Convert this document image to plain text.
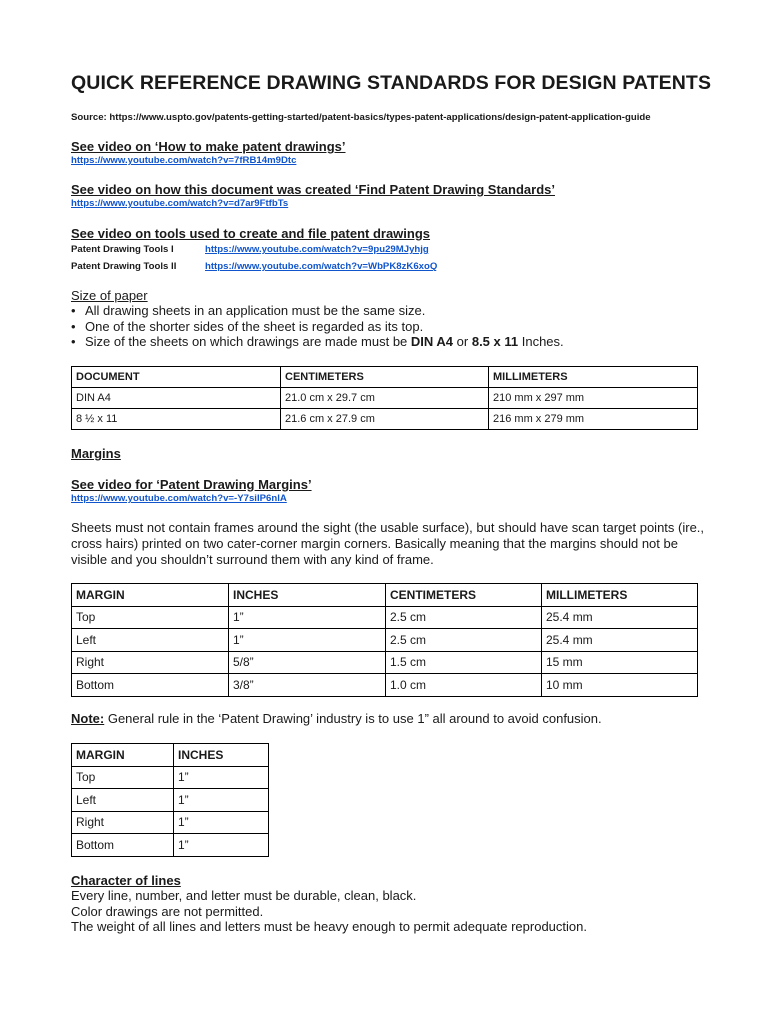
QUICK REFERENCE DRAWING STANDARDS FOR DESIGN PATENTS
Source: https://www.uspto.gov/patents-getting-started/patent-basics/types-patent-applications/design-patent-application-guide
See video on ‘How to make patent drawings’
https://www.youtube.com/watch?v=7fRB14m9Dtc
See video on how this document was created ‘Find Patent Drawing Standards’
https://www.youtube.com/watch?v=d7ar9FtfbTs
See video on tools used to create and file patent drawings
Patent Drawing Tools I	https://www.youtube.com/watch?v=9pu29MJyhjg
Patent Drawing Tools II	https://www.youtube.com/watch?v=WbPK8zK6xoQ
Size of paper
• All drawing sheets in an application must be the same size.
• One of the shorter sides of the sheet is regarded as its top.
• Size of the sheets on which drawings are made must be DIN A4 or 8.5 x 11 Inches.
DOCUMENT	CENTIMETERS	MILLIMETERS
DIN A4	21.0 cm x 29.7 cm	210 mm x 297 mm
8 ½ x 11	21.6 cm x 27.9 cm	216 mm x 279 mm
Margins
See video for ‘Patent Drawing Margins’
https://www.youtube.com/watch?v=-Y7siIP6nlA
Sheets must not contain frames around the sight (the usable surface), but should have scan target points (ire., cross hairs) printed on two cater-corner margin corners. Basically meaning that the margins should not be visible and you shouldn’t surround them with any kind of frame.
MARGIN	INCHES	CENTIMETERS	MILLIMETERS
Top	1”	2.5 cm	25.4 mm
Left	1”	2.5 cm	25.4 mm
Right	5/8”	1.5 cm	15 mm
Bottom	3/8”	1.0 cm	10 mm
Note: General rule in the ‘Patent Drawing’ industry is to use 1” all around to avoid confusion.
MARGIN	INCHES
Top	1”
Left	1”
Right	1”
Bottom	1”
Character of lines
Every line, number, and letter must be durable, clean, black.
Color drawings are not permitted.
The weight of all lines and letters must be heavy enough to permit adequate reproduction.
